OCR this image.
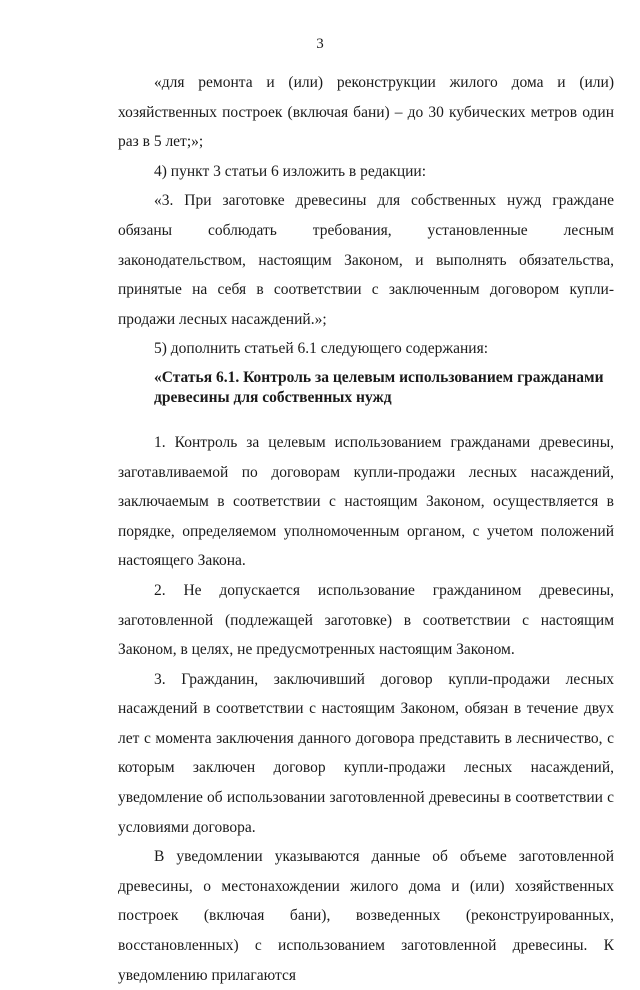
3

«для ремонта и (или) реконструкции жилого дома и (или) хозяйственных построек (включая бани) – до 30 кубических метров один раз в 5 лет;»;

4) пункт 3 статьи 6 изложить в редакции:

«3. При заготовке древесины для собственных нужд граждане обязаны соблюдать требования, установленные лесным законодательством, настоящим Законом, и выполнять обязательства, принятые на себя в соответствии с заключенным договором купли-продажи лесных насаждений.»;

5) дополнить статьей 6.1 следующего содержания:

«Статья 6.1. Контроль за целевым использованием гражданами
древесины для собственных нужд

1. Контроль за целевым использованием гражданами древесины, заготавливаемой по договорам купли-продажи лесных насаждений, заключаемым в соответствии с настоящим Законом, осуществляется в порядке, определяемом уполномоченным органом, с учетом положений настоящего Закона.

2. Не допускается использование гражданином древесины, заготовленной (подлежащей заготовке) в соответствии с настоящим Законом, в целях, не предусмотренных настоящим Законом.

3. Гражданин, заключивший договор купли-продажи лесных насаждений в соответствии с настоящим Законом, обязан в течение двух лет с момента заключения данного договора представить в лесничество, с которым заключен договор купли-продажи лесных насаждений, уведомление об использовании заготовленной древесины в соответствии с условиями договора.

В уведомлении указываются данные об объеме заготовленной древесины, о местонахождении жилого дома и (или) хозяйственных построек (включая бани), возведенных (реконструированных, восстановленных) с использованием заготовленной древесины. К уведомлению прилагаются
